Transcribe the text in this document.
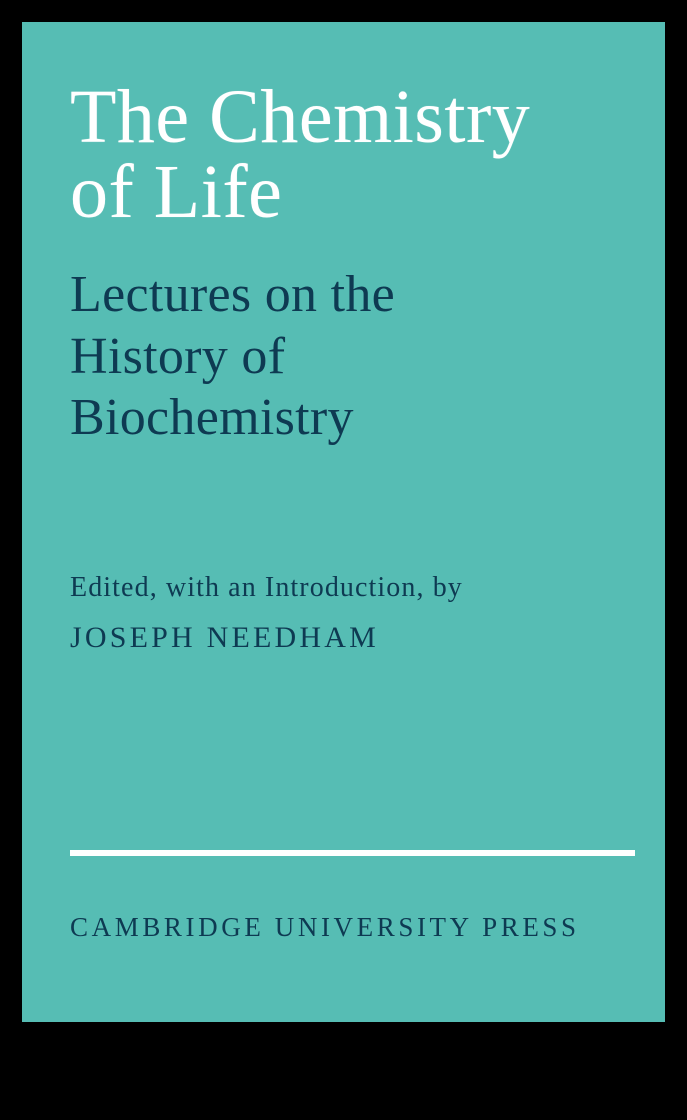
The Chemistry
of Life
Lectures on the
History of
Biochemistry

Edited, with an Introduction, by

JOSEPH NEEDHAM

CAMBRIDGE UNIVERSITY PRESS
